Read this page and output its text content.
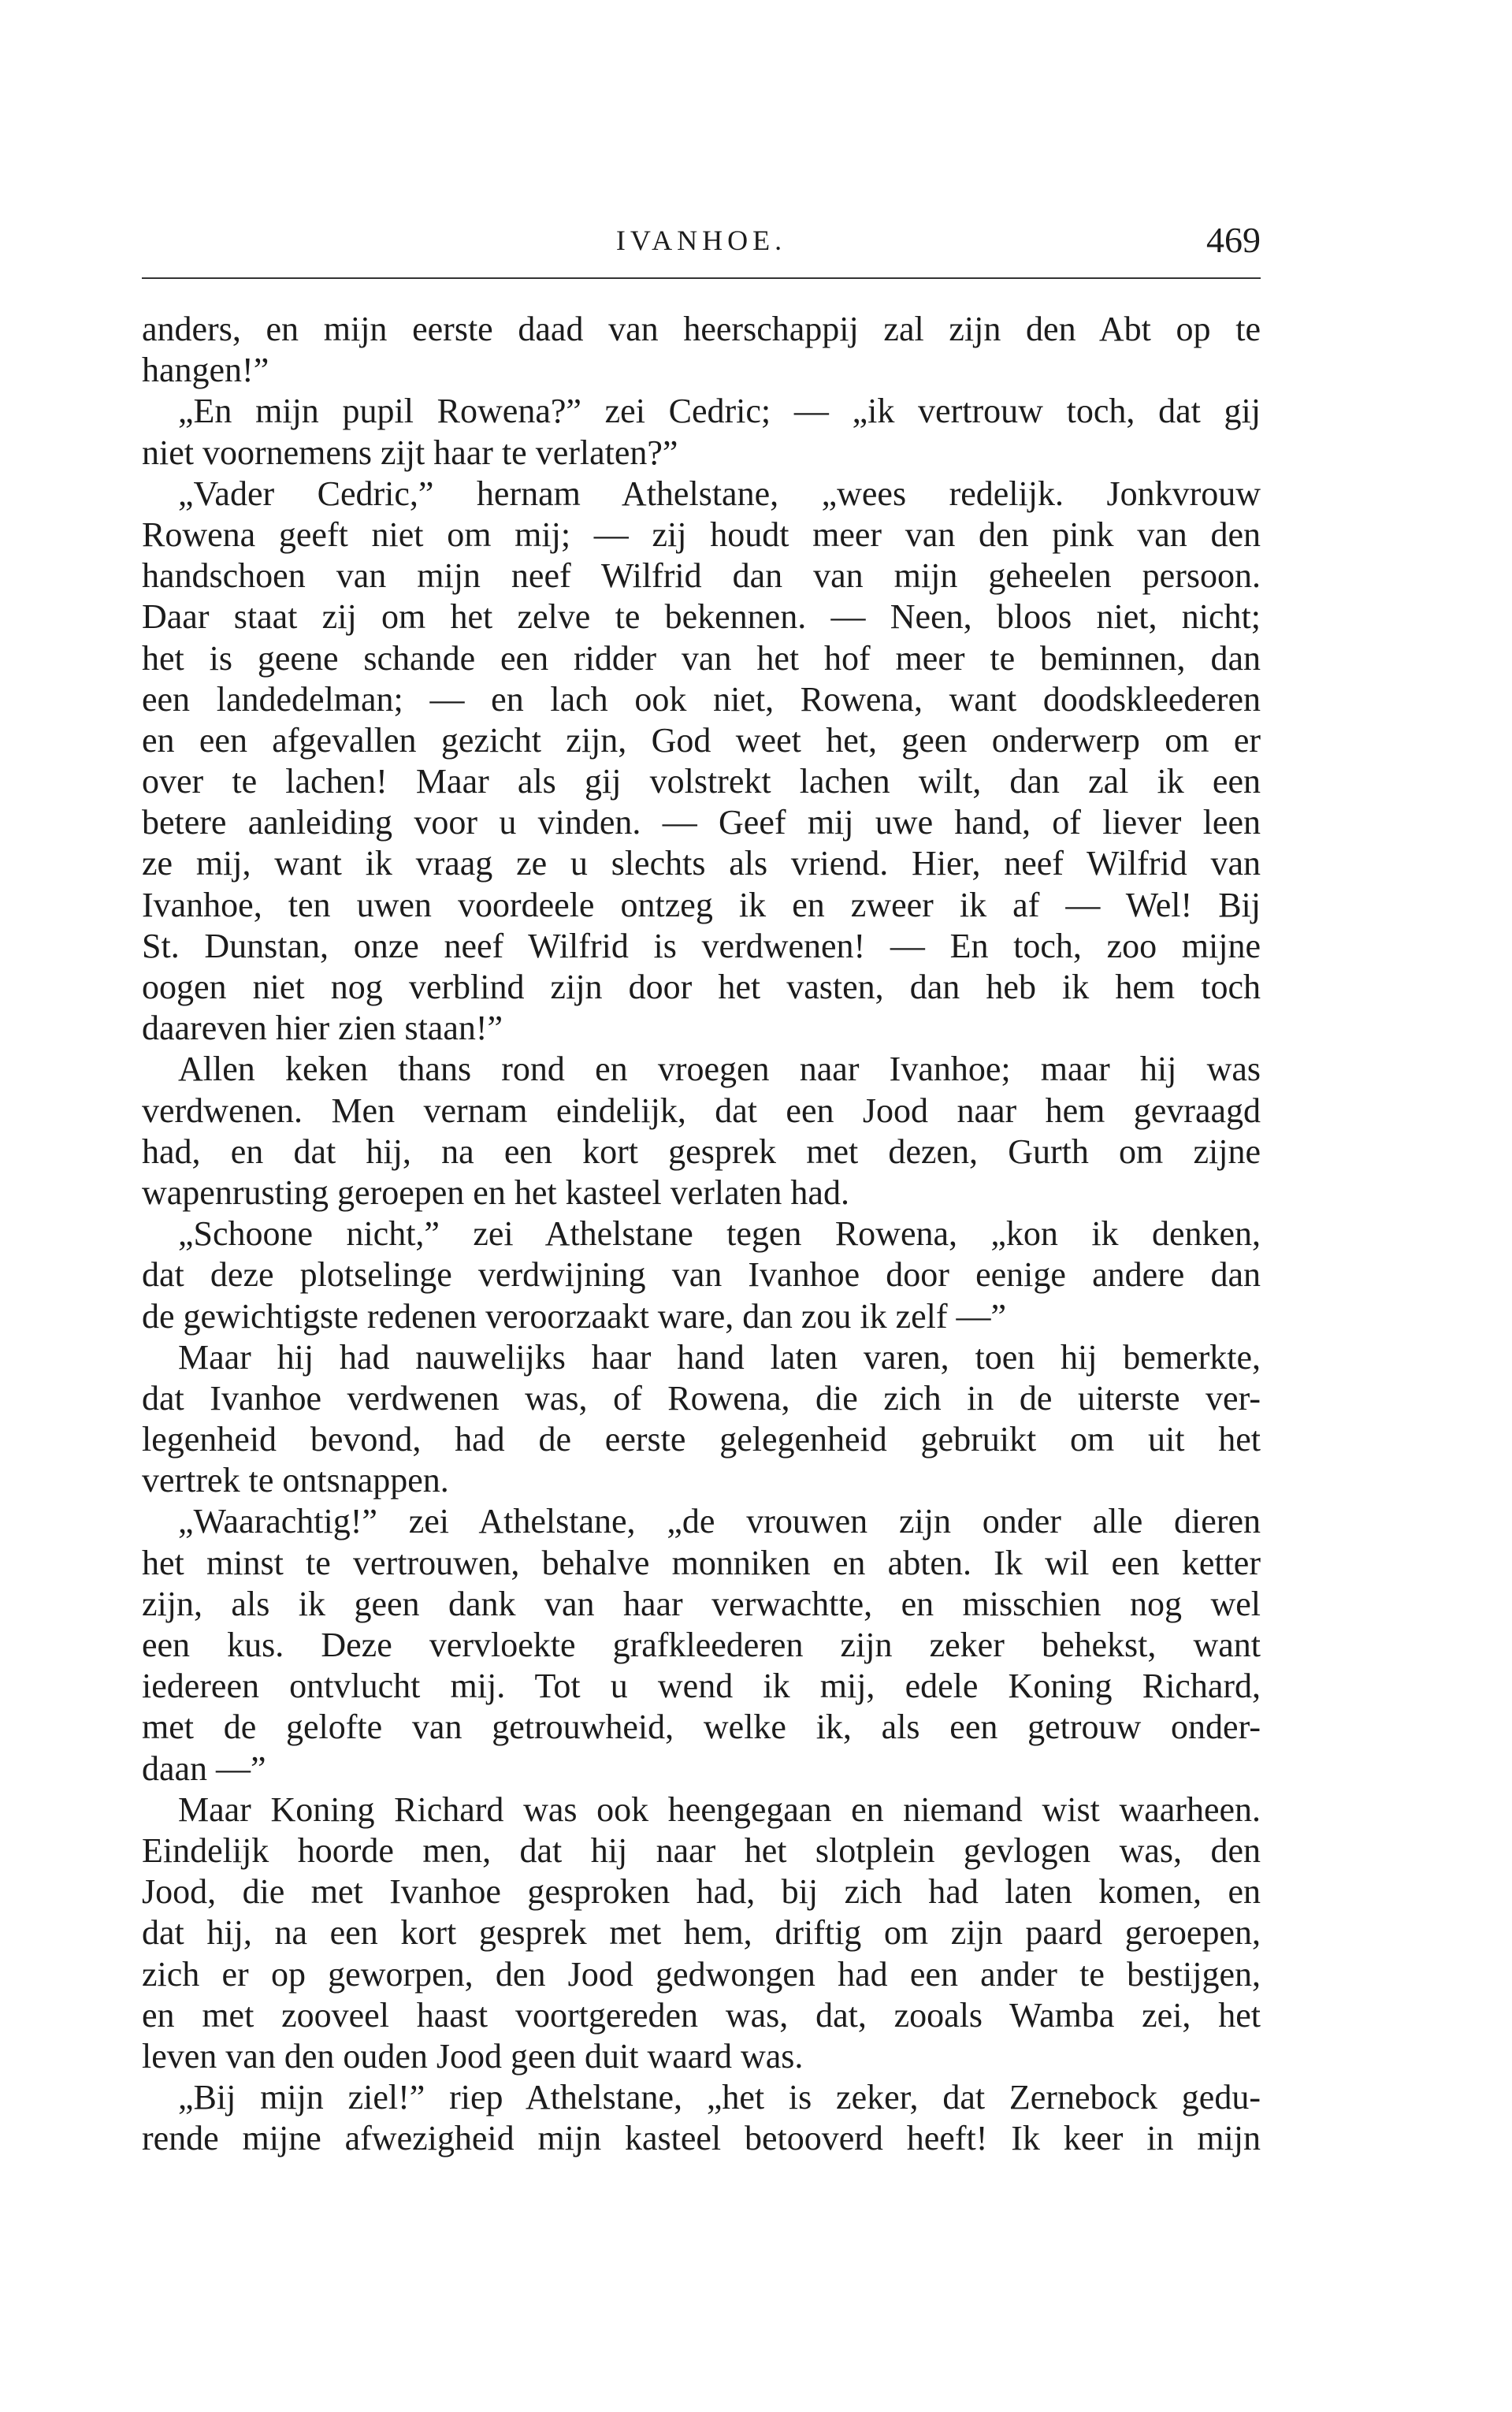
IVANHOE.	469
anders, en mijn eerste daad van heerschappij zal zijn den Abt op te
hangen!”
„En mijn pupil Rowena?” zei Cedric; — „ik vertrouw toch, dat gij
niet voornemens zijt haar te verlaten?”
„Vader Cedric,” hernam Athelstane, „wees redelijk. Jonkvrouw
Rowena geeft niet om mij; — zij houdt meer van den pink van den
handschoen van mijn neef Wilfrid dan van mijn geheelen persoon.
Daar staat zij om het zelve te bekennen. — Neen, bloos niet, nicht;
het is geene schande een ridder van het hof meer te beminnen, dan
een landedelman; — en lach ook niet, Rowena, want doodskleederen
en een afgevallen gezicht zijn, God weet het, geen onderwerp om er
over te lachen! Maar als gij volstrekt lachen wilt, dan zal ik een
betere aanleiding voor u vinden. — Geef mij uwe hand, of liever leen
ze mij, want ik vraag ze u slechts als vriend. Hier, neef Wilfrid van
Ivanhoe, ten uwen voordeele ontzeg ik en zweer ik af — Wel! Bij
St. Dunstan, onze neef Wilfrid is verdwenen! — En toch, zoo mijne
oogen niet nog verblind zijn door het vasten, dan heb ik hem toch
daareven hier zien staan!”
Allen keken thans rond en vroegen naar Ivanhoe; maar hij was
verdwenen. Men vernam eindelijk, dat een Jood naar hem gevraagd
had, en dat hij, na een kort gesprek met dezen, Gurth om zijne
wapenrusting geroepen en het kasteel verlaten had.
„Schoone nicht,” zei Athelstane tegen Rowena, „kon ik denken,
dat deze plotselinge verdwijning van Ivanhoe door eenige andere dan
de gewichtigste redenen veroorzaakt ware, dan zou ik zelf —”
Maar hij had nauwelijks haar hand laten varen, toen hij bemerkte,
dat Ivanhoe verdwenen was, of Rowena, die zich in de uiterste ver-
legenheid bevond, had de eerste gelegenheid gebruikt om uit het
vertrek te ontsnappen.
„Waarachtig!” zei Athelstane, „de vrouwen zijn onder alle dieren
het minst te vertrouwen, behalve monniken en abten. Ik wil een ketter
zijn, als ik geen dank van haar verwachtte, en misschien nog wel
een kus. Deze vervloekte grafkleederen zijn zeker behekst, want
iedereen ontvlucht mij. Tot u wend ik mij, edele Koning Richard,
met de gelofte van getrouwheid, welke ik, als een getrouw onder-
daan —”
Maar Koning Richard was ook heengegaan en niemand wist waarheen.
Eindelijk hoorde men, dat hij naar het slotplein gevlogen was, den
Jood, die met Ivanhoe gesproken had, bij zich had laten komen, en
dat hij, na een kort gesprek met hem, driftig om zijn paard geroepen,
zich er op geworpen, den Jood gedwongen had een ander te bestijgen,
en met zooveel haast voortgereden was, dat, zooals Wamba zei, het
leven van den ouden Jood geen duit waard was.
„Bij mijn ziel!” riep Athelstane, „het is zeker, dat Zernebock gedu-
rende mijne afwezigheid mijn kasteel betooverd heeft! Ik keer in mijn
